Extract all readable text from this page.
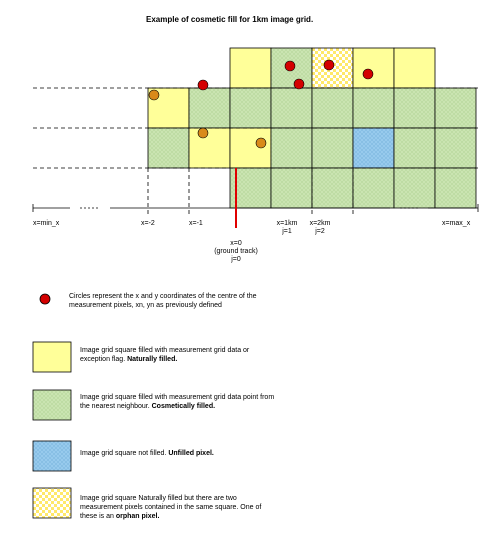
Example of cosmetic fill for 1km image grid.
x=min_x	x=-2	x=-1	x=1km
j=1
x=2km
j=2
x=max_x
x=0
(ground track)
j=0
Circles represent the x and y coordinates of the centre of the measurement pixels, xn, yn as previously defined
Image grid square filled with measurement grid data or exception flag. Naturally filled.
Image grid square filled with measurement grid data point from the nearest neighbour. Cosmetically filled.
Image grid square not filled. Unfilled pixel.
Image grid square Naturally filled but there are two measurement pixels contained in the same square. One of these is an orphan pixel.
